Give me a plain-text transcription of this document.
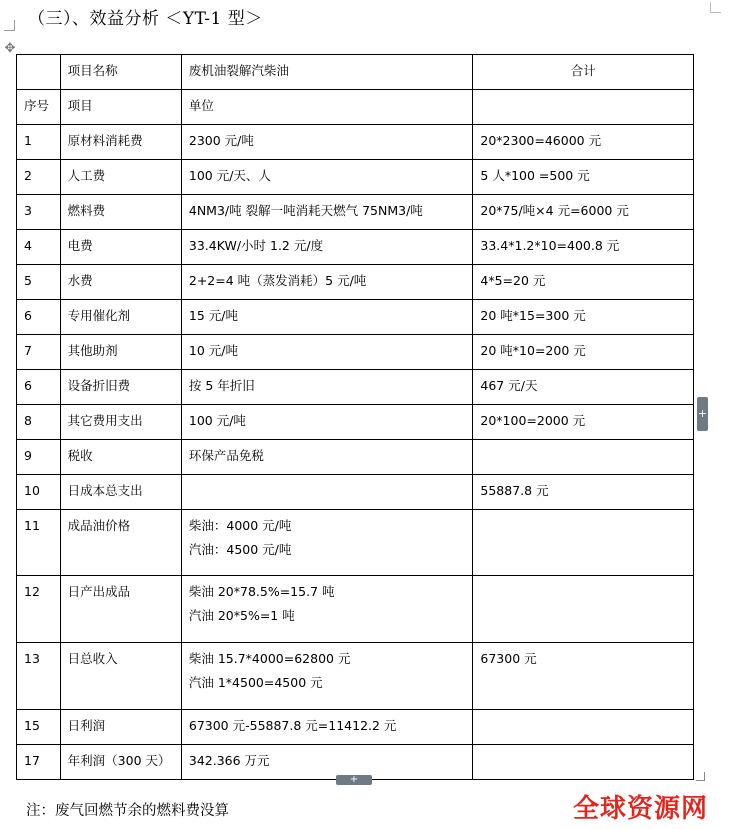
（三）、效益分析 ＜YT-1 型＞
✥
	项目名称	废机油裂解汽柴油	合计
序号	项目	单位	
1	原材料消耗费	2300 元/吨	20*2300=46000 元
2	人工费	100 元/天、人	5 人*100 =500 元
3	燃料费	4NM3/吨 裂解一吨消耗天燃气 75NM3/吨	20*75/吨×4 元=6000 元
4	电费	33.4KW/小时 1.2 元/度	33.4*1.2*10=400.8 元
5	水费	2+2=4 吨（蒸发消耗）5 元/吨	4*5=20 元
6	专用催化剂	15 元/吨	20 吨*15=300 元
7	其他助剂	10 元/吨	20 吨*10=200 元
6	设备折旧费	按 5 年折旧	467 元/天
8	其它费用支出	100 元/吨	20*100=2000 元
9	税收	环保产品免税	

10	日成本总支出		55887.8 元
11	成品油价格	柴油：4000 元/吨
汽油：4500 元/吨	

12	日产出成品	柴油 20*78.5%=15.7 吨
汽油 20*5%=1 吨	

13	日总收入	柴油 15.7*4000=62800 元
汽油 1*4500=4500 元	67300 元
15	日利润	67300 元-55887.8 元=11412.2 元	

17	年利润（300 天）	342.366 万元	

+
+
注：废气回燃节余的燃料费没算	全球资源网
